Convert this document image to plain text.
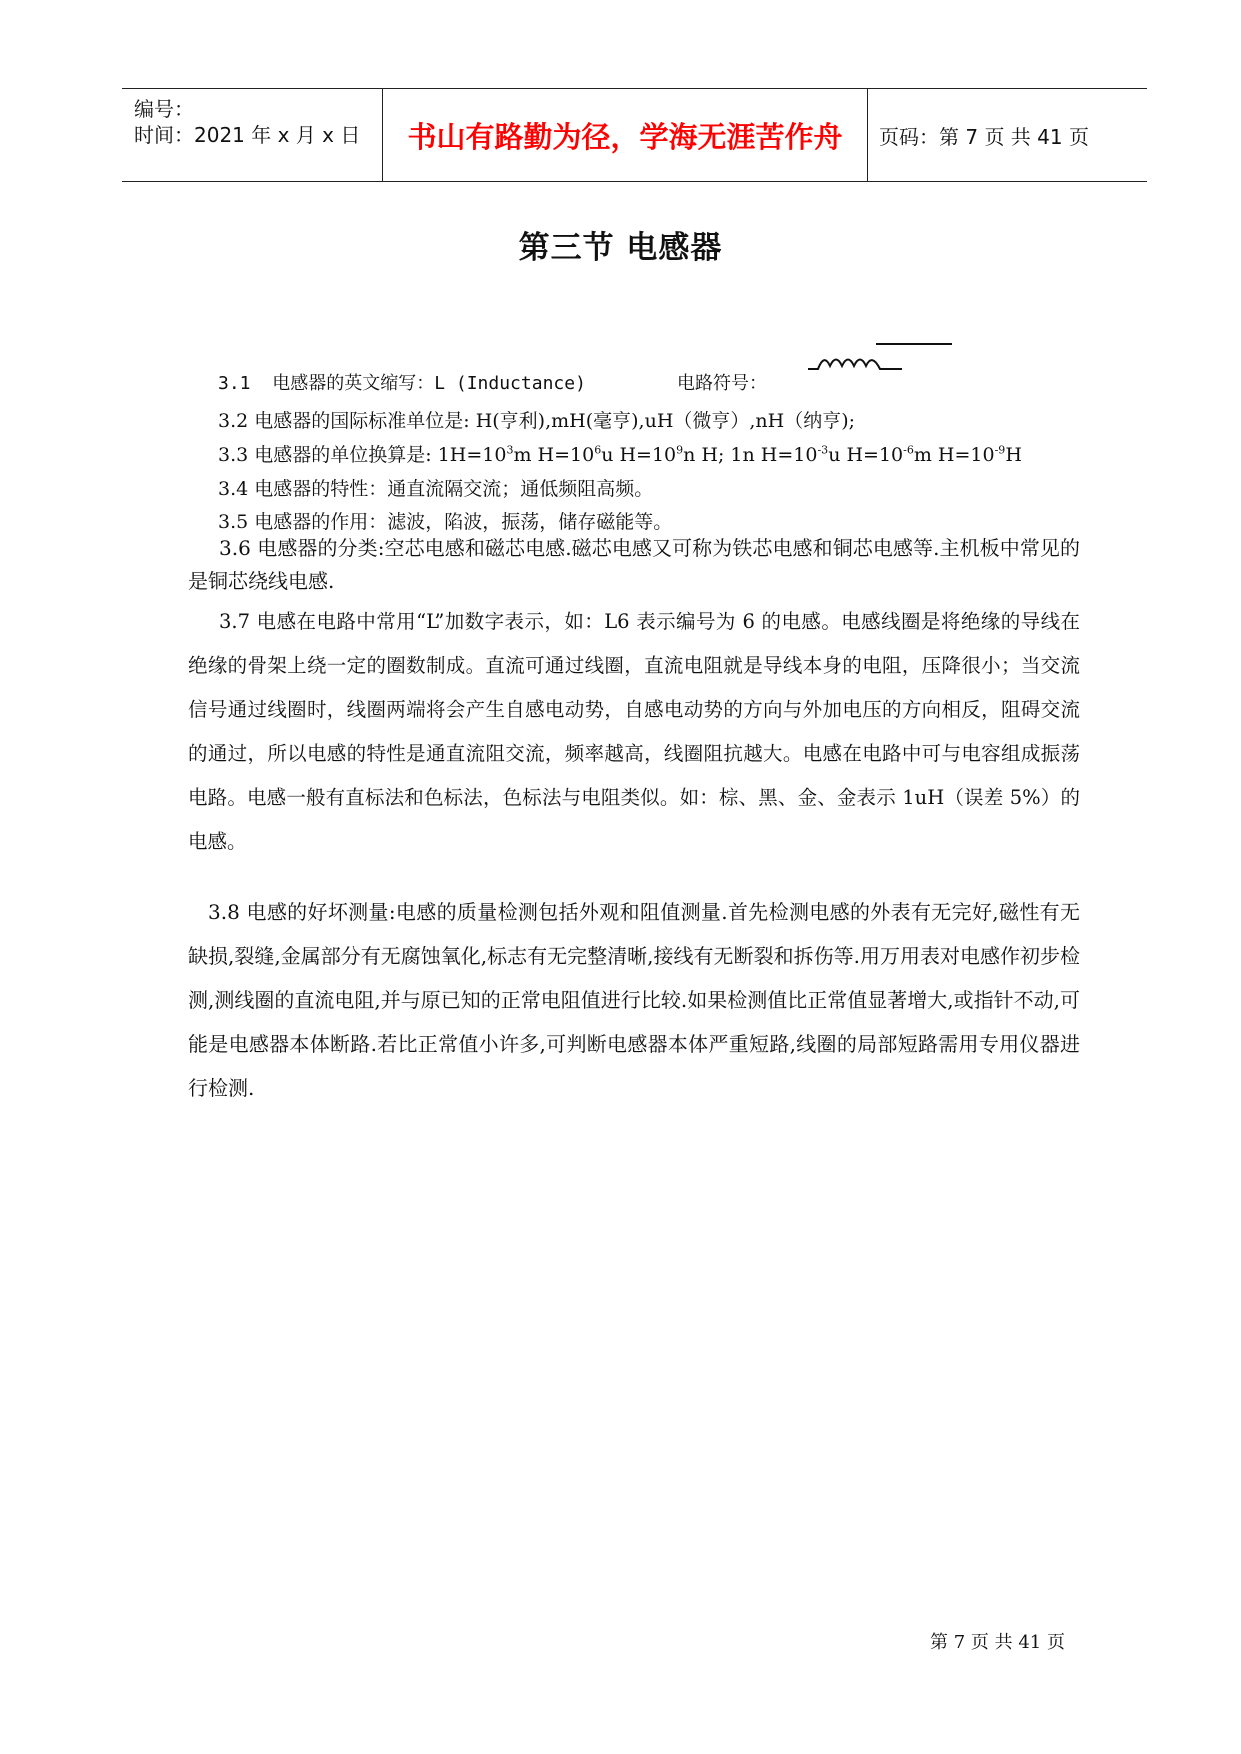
编号：
时间：2021 年 x 月 x 日	书山有路勤为径，学海无涯苦作舟	页码：第 7 页 共 41 页
第三节 电感器
3.1 电感器的英文缩写：L (Inductance)	电路符号：
3.2 电感器的国际标准单位是: H(亨利),mH(毫亨),uH（微亨）,nH（纳亨);
3.3 电感器的单位换算是: $1H=10^3m$ $H=10^6u$ $H=10^9n$ H; 1n $H=10^{-3}u$ $H=10^{-6}m$ $H=10^{-9}H$
3.4 电感器的特性：通直流隔交流；通低频阻高频。
3.5 电感器的作用：滤波，陷波，振荡，储存磁能等。
3.6 电感器的分类:空芯电感和磁芯电感.磁芯电感又可称为铁芯电感和铜芯电感等.主机板中常见的是铜芯绕线电感.
3.7 电感在电路中常用“L”加数字表示，如：L6 表示编号为 6 的电感。电感线圈是将绝缘的导线在绝缘的骨架上绕一定的圈数制成。直流可通过线圈，直流电阻就是导线本身的电阻，压降很小；当交流信号通过线圈时，线圈两端将会产生自感电动势，自感电动势的方向与外加电压的方向相反，阻碍交流的通过，所以电感的特性是通直流阻交流，频率越高，线圈阻抗越大。电感在电路中可与电容组成振荡电路。电感一般有直标法和色标法，色标法与电阻类似。如：棕、黑、金、金表示 1uH（误差 5%）的电感。
3.8 电感的好坏测量:电感的质量检测包括外观和阻值测量.首先检测电感的外表有无完好,磁性有无缺损,裂缝,金属部分有无腐蚀氧化,标志有无完整清晰,接线有无断裂和拆伤等.用万用表对电感作初步检测,测线圈的直流电阻,并与原已知的正常电阻值进行比较.如果检测值比正常值显著增大,或指针不动,可能是电感器本体断路.若比正常值小许多,可判断电感器本体严重短路,线圈的局部短路需用专用仪器进行检测.
第 7 页 共 41 页
